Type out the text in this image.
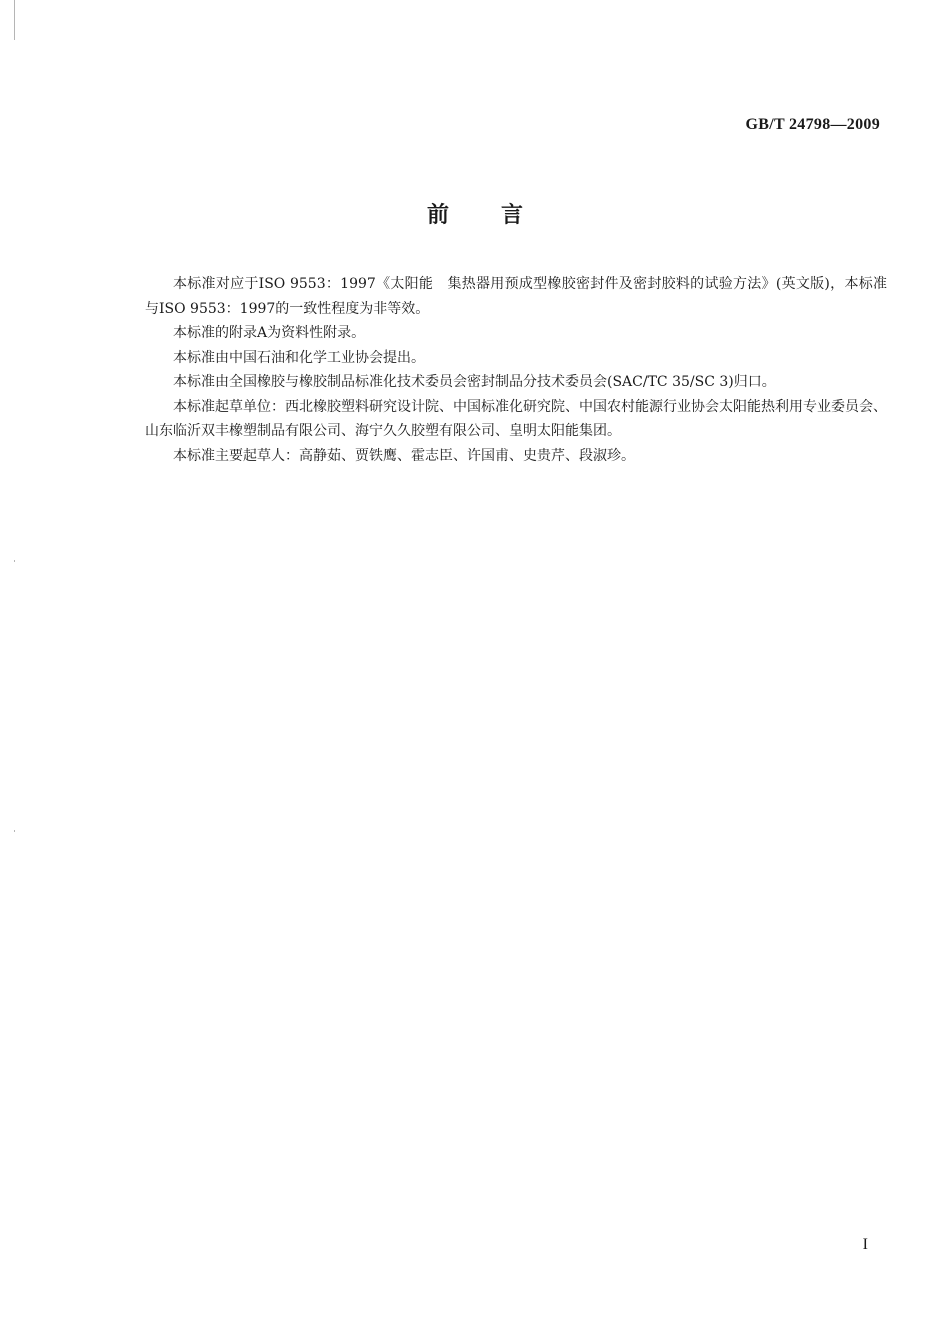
GB/T 24798—2009
前言

本标准对应于ISO 9553：1997《太阳能　集热器用预成型橡胶密封件及密封胶料的试验方法》(英文版)，本标准与ISO 9553：1997的一致性程度为非等效。

本标准的附录A为资料性附录。

本标准由中国石油和化学工业协会提出。

本标准由全国橡胶与橡胶制品标准化技术委员会密封制品分技术委员会(SAC/TC 35/SC 3)归口。

本标准起草单位：西北橡胶塑料研究设计院、中国标准化研究院、中国农村能源行业协会太阳能热利用专业委员会、山东临沂双丰橡塑制品有限公司、海宁久久胶塑有限公司、皇明太阳能集团。

本标准主要起草人：高静茹、贾铁鹰、霍志臣、许国甫、史贵芹、段淑珍。

I
